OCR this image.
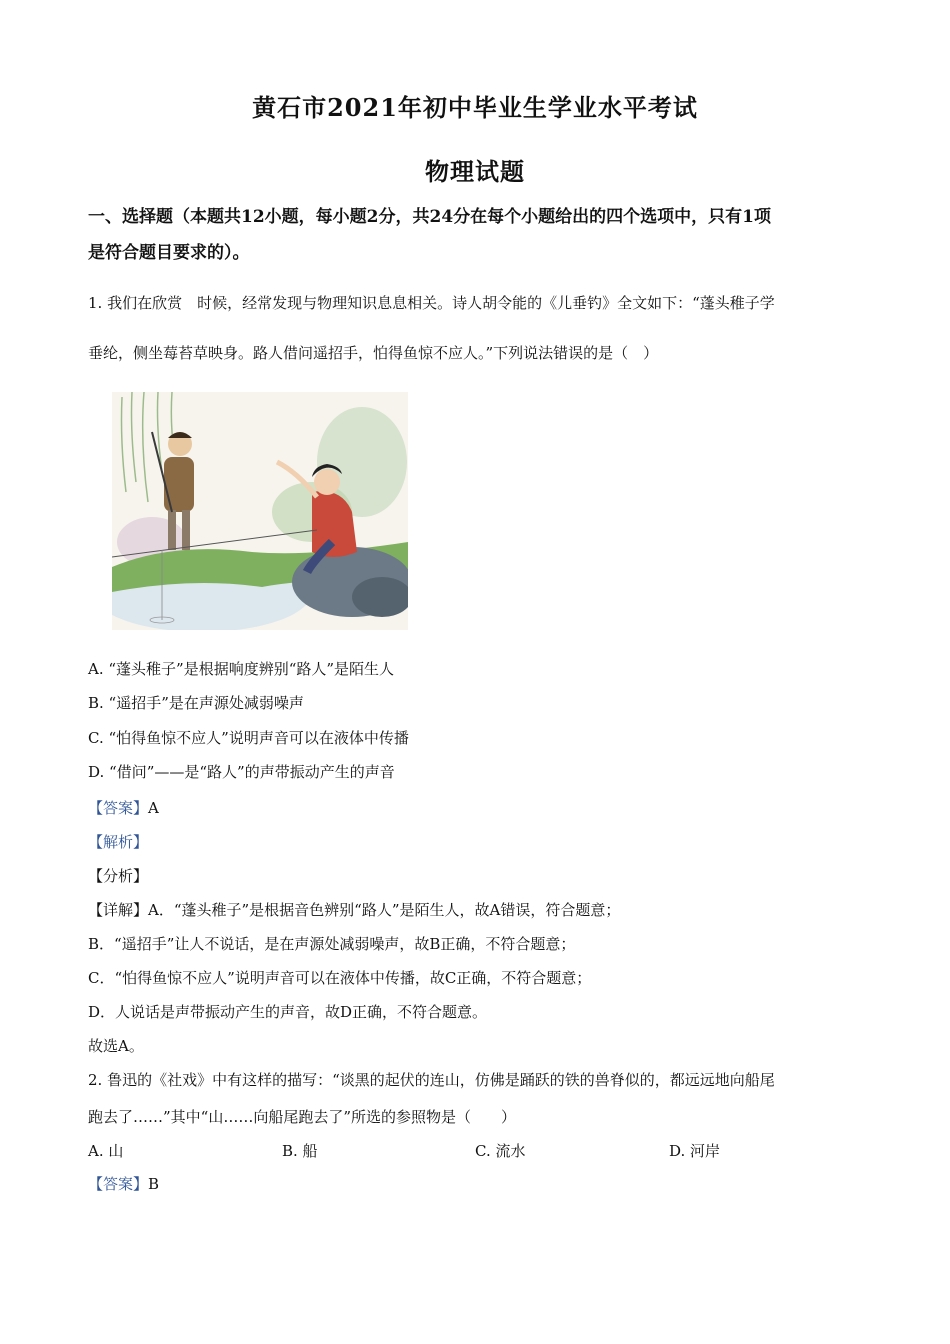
黄石市2021年初中毕业生学业水平考试
物理试题
一、选择题（本题共12小题，每小题2分，共24分在每个小题给出的四个选项中，只有1项
是符合题目要求的）。
1. 我们在欣赏　时候，经常发现与物理知识息息相关。诗人胡令能的《儿垂钓》全文如下：“蓬头稚子学
垂纶，侧坐莓苔草映身。路人借问遥招手，怕得鱼惊不应人。”下列说法错误的是（　）
A. “蓬头稚子”是根据响度辨别“路人”是陌生人
B. “遥招手”是在声源处减弱噪声
C. “怕得鱼惊不应人”说明声音可以在液体中传播
D. “借问”——是“路人”的声带振动产生的声音
【答案】A
【解析】
【分析】
【详解】A．“蓬头稚子”是根据音色辨别“路人”是陌生人，故A错误，符合题意；
B．“遥招手”让人不说话，是在声源处减弱噪声，故B正确，不符合题意；
C．“怕得鱼惊不应人”说明声音可以在液体中传播，故C正确，不符合题意；
D．人说话是声带振动产生的声音，故D正确，不符合题意。
故选A。
2. 鲁迅的《社戏》中有这样的描写：“谈黑的起伏的连山，仿佛是踊跃的铁的兽脊似的，都远远地向船尾
跑去了……”其中“山……向船尾跑去了”所选的参照物是（　　）
A. 山	B. 船	C. 流水	D. 河岸
【答案】B
